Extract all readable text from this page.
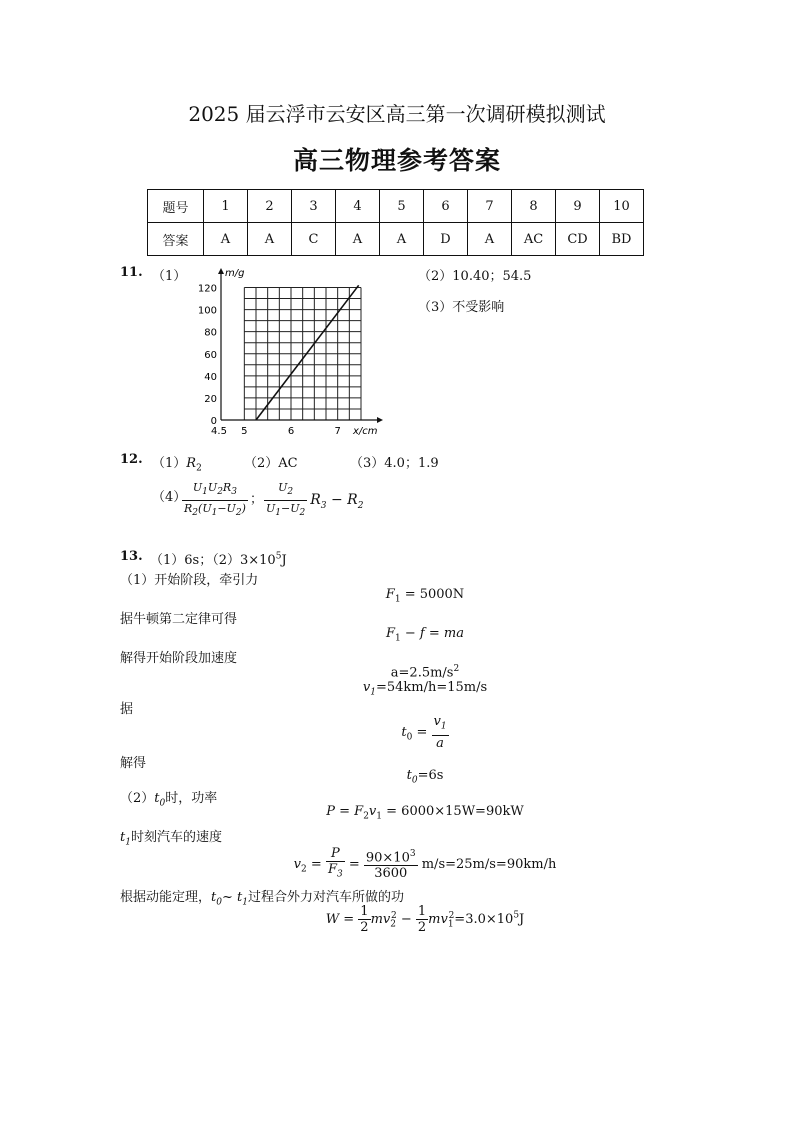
2025 届云浮市云安区高三第一次调研模拟测试
高三物理参考答案
题号	1	2	3	4	5	6	7	8	9	10
答案	A	A	C	A	A	D	A	AC	CD	BD
11. （1）	（2）10.40；54.5
（3）不受影响
0
20
40
60
80
100
120
4.5 5	6	7
m/g
x/cm
12. $(1)R_2$	（2）AC	（3）4.0；1.9
（4）
$\frac{U_1U_2R_3}{R_2(U_1-U_2)}$ ； $\frac{U_2}{U_1-U_2} R_3 - R_2$
13. （1）6s；$(2)3\times 10^5J$
（1）开始阶段，牵引力
$F_1 = 5000N$
据牛顿第二定律可得
$F_1 - f$ = ma
解得开始阶段加速度
$a=2.5m/s^2$
$v_1=54km/h=15m/s$
据
$t_0 = \frac{v_1}{a}$
解得
$t_0=6s$
$(2)t_0$时，功率
$P = F_2v_1 = 6000\times 15W=90kW$
$t_1$时刻汽车的速度
$v_2 = \frac{P}{F_3} = \frac{90\times 10^3}{3600} m/s=25m/s=90km/h$
根据动能定理，$t_0\sim$ $t_1$过程合外力对汽车所做的功
$W = \frac{1}{2} mv_2^2 - \frac{1}{2} mv_1^2=3.0\times 10^5J$
